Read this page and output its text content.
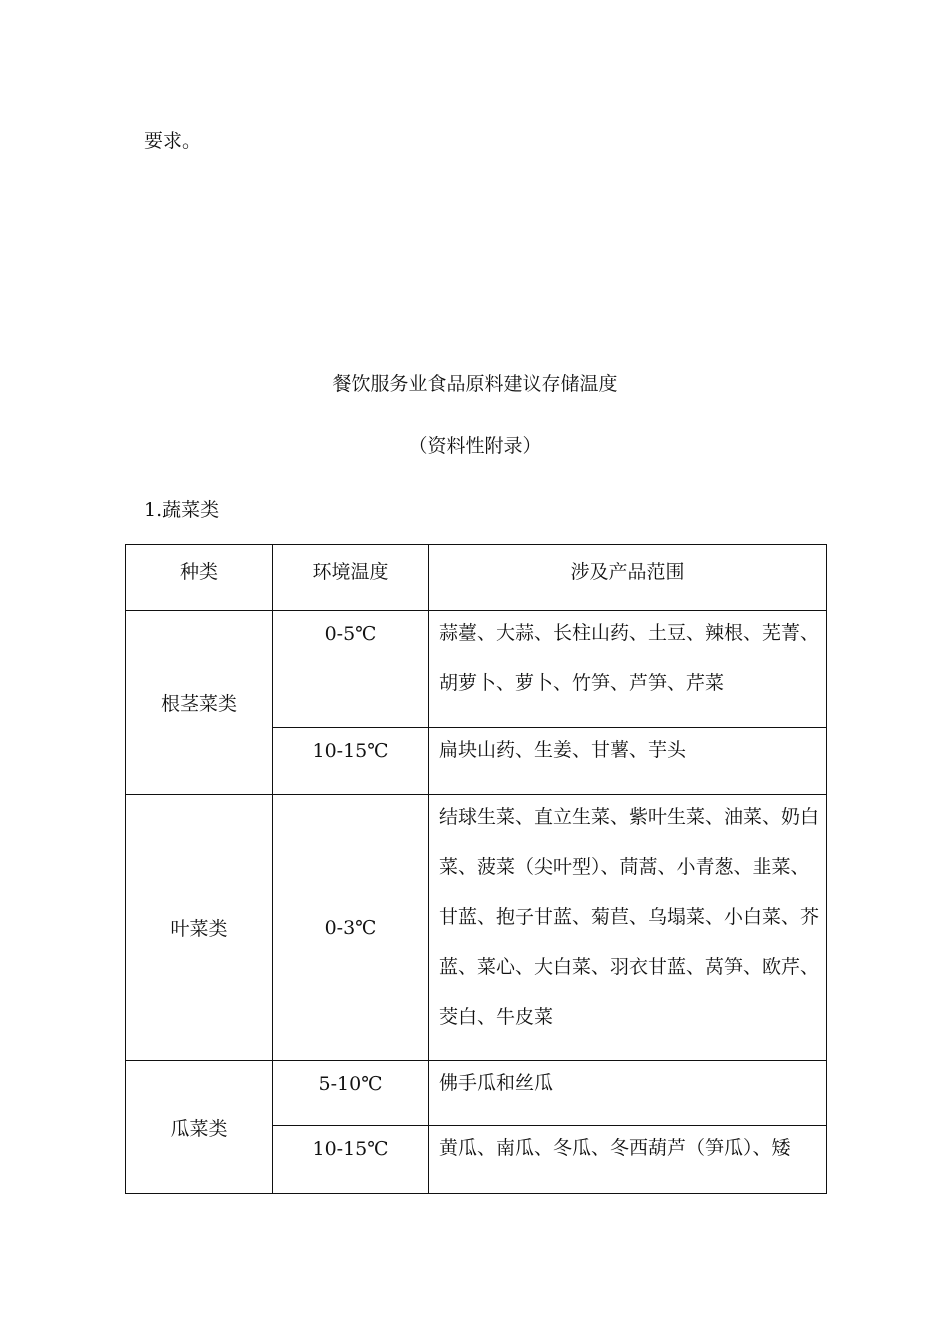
要求。
餐饮服务业食品原料建议存储温度
（资料性附录）
1.蔬菜类
种类	环境温度	涉及产品范围
根茎菜类	0-5℃	蒜薹、大蒜、长柱山药、土豆、辣根、芜菁、胡萝卜、萝卜、竹笋、芦笋、芹菜

	10-15℃	扁块山药、生姜、甘薯、芋头

叶菜类	0-3℃	结球生菜、直立生菜、紫叶生菜、油菜、奶白菜、菠菜（尖叶型）、茼蒿、小青葱、韭菜、甘蓝、抱子甘蓝、菊苣、乌塌菜、小白菜、芥蓝、菜心、大白菜、羽衣甘蓝、莴笋、欧芹、茭白、牛皮菜

瓜菜类	5-10℃	佛手瓜和丝瓜

	10-15℃	黄瓜、南瓜、冬瓜、冬西葫芦（笋瓜）、矮
